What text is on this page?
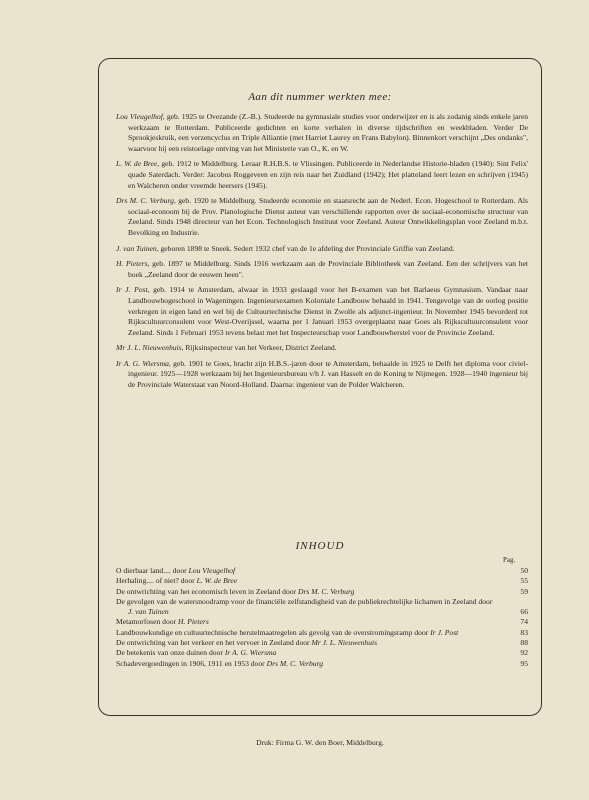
Aan dit nummer werkten mee:

Lou Vleugelhof, geb. 1925 te Ovezande (Z.-B.). Studeerde na gymnasiale studies voor onderwijzer en is als zodanig sinds enkele jaren werkzaam te Rotterdam. Publiceerde gedichten en korte verhalen in diverse tijdschriften en weekbladen. Verder De Sprookjeskruik, een verzencyclus en Triple Alliantie (met Harriet Laurey en Frans Babylon). Binnenkort verschijnt „Des ondanks", waarvoor hij een reistoelage ontving van het Ministerie van O., K. en W.

L. W. de Bree, geb. 1912 te Middelburg. Leraar R.H.B.S. te Vlissingen. Publiceerde in Nederlandse Historie-bladen (1940): Sint Felix' quade Saterdach. Verder: Jacobus Roggeveen en zijn reis naar het Zuidland (1942); Het platteland leert lezen en schrijven (1945) en Walcheren onder vreemde heersers (1945).

Drs M. C. Verburg, geb. 1920 te Middelburg. Studeerde economie en staatsrecht aan de Nederl. Econ. Hogeschool te Rotterdam. Als sociaal-econoom bij de Prov. Planologische Dienst auteur van verschillende rapporten over de sociaal-economische structuur van Zeeland. Sinds 1948 directeur van het Econ. Technologisch Instituut voor Zeeland. Auteur Ontwikkelingsplan voor Zeeland m.b.t. Bevolking en Industrie.

J. van Tuinen, geboren 1898 te Sneek. Sedert 1932 chef van de 1e afdeling der Provinciale Griffie van Zeeland.

H. Pieters, geb. 1897 te Middelburg. Sinds 1916 werkzaam aan de Provinciale Bibliotheek van Zeeland. Een der schrijvers van het boek „Zeeland door de eeuwen heen".

Ir J. Post, geb. 1914 te Amsterdam, alwaar in 1933 geslaagd voor het B-examen van het Barlaeus Gymnasium. Vandaar naar Landbouwhogeschool in Wageningen. Ingenieursexamen Koloniale Landbouw behaald in 1941. Tengevolge van de oorlog positie verkregen in eigen land en wel bij de Cultuurtechnische Dienst in Zwolle als adjunct-ingenieur. In November 1945 bevorderd tot Rijkscultuurconsulent voor West-Overijssel, waarna per 1 Januari 1953 overgeplaatst naar Goes als Rijkscultuurconsulent voor Zeeland. Sinds 1 Februari 1953 tevens belast met het Inspecteurschap voor Landbouwherstel voor de Provincie Zeeland.

Mr J. L. Nieuwenhuis, Rijksinspecteur van het Verkeer, District Zeeland.

Ir A. G. Wiersma, geb. 1901 te Goes, bracht zijn H.B.S.-jaren door te Amsterdam, behaalde in 1925 te Delft het diploma voor civiel-ingenieur. 1925—1928 werkzaam bij het Ingenieursbureau v/h J. van Hasselt en de Koning te Nijmegen. 1928—1940 ingenieur bij de Provinciale Waterstaat van Noord-Holland. Daarna: ingenieur van de Polder Walcheren.

INHOUD
Pag.
O dierbaar land.... door Lou Vleugelhof	50
Herhaling.... of niet? door L. W. de Bree	55
De ontwrichting van het economisch leven in Zeeland door Drs M. C. Verburg	59
De gevolgen van de watersnoodramp voor de financiële zelfstandigheid van de publiekrechtelijke lichamen in Zeeland door J. van Tuinen	66
Metamorfosen door H. Pieters	74
Landbouwkundige en cultuurtechnische herstelmaatregelen als gevolg van de overstromingsramp door Ir J. Post	83
De ontwrichting van het verkeer en het vervoer in Zeeland door Mr J. L. Nieuwenhuis	88
De betekenis van onze duinen door Ir A. G. Wiersma	92
Schadevergoedingen in 1906, 1911 en 1953 door Drs M. C. Verburg	95
Druk: Firma G. W. den Boer, Middelburg.
